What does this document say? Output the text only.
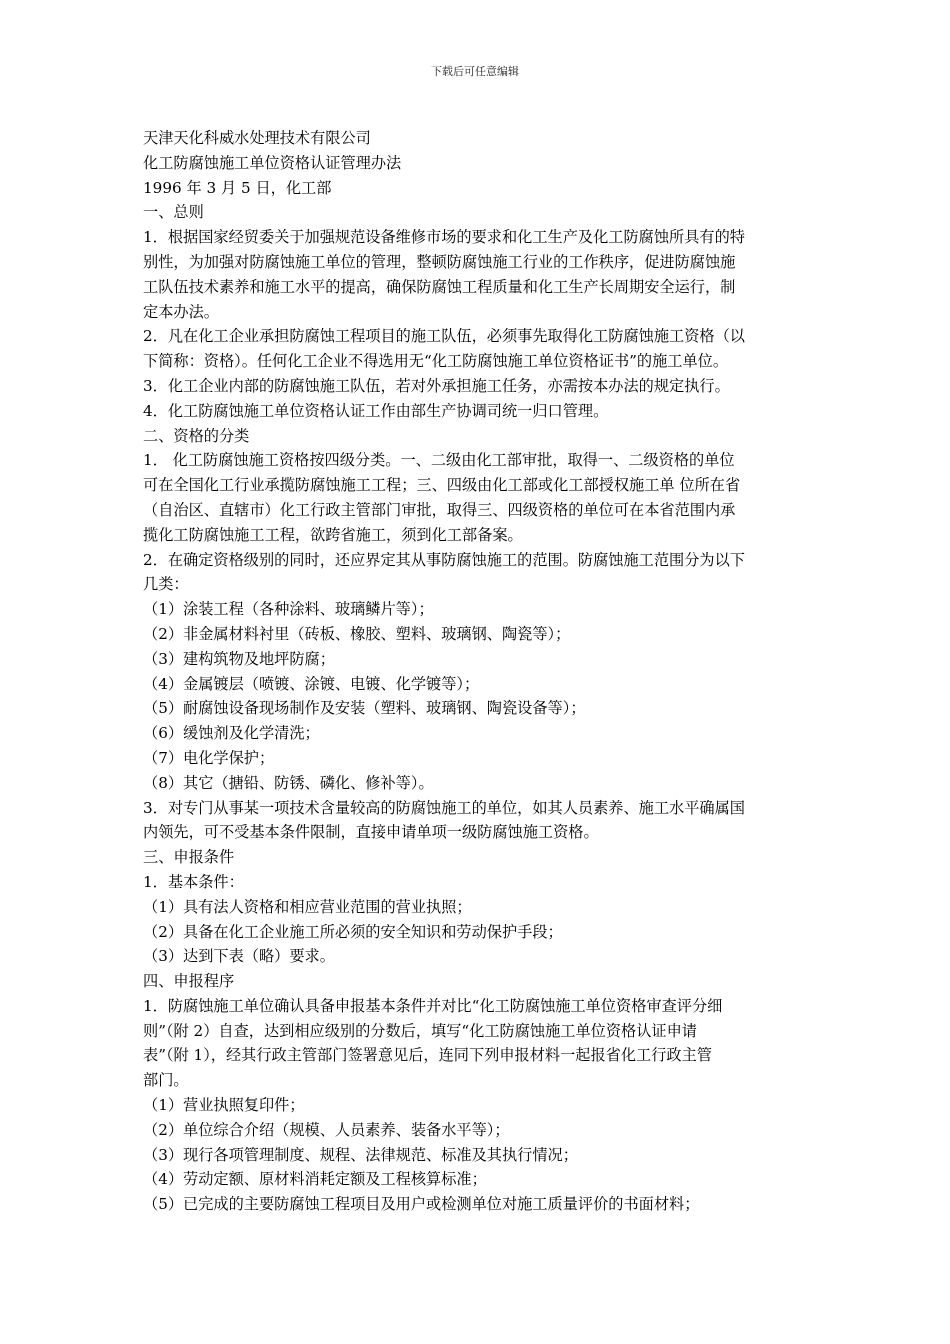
下载后可任意编辑

天津天化科威水处理技术有限公司

化工防腐蚀施工单位资格认证管理办法

1996 年 3 月 5 日，化工部

一、总则

1．根据国家经贸委关于加强规范设备维修市场的要求和化工生产及化工防腐蚀所具有的特

别性，为加强对防腐蚀施工单位的管理，整顿防腐蚀施工行业的工作秩序，促进防腐蚀施

工队伍技术素养和施工水平的提高，确保防腐蚀工程质量和化工生产长周期安全运行，制

定本办法。

2．凡在化工企业承担防腐蚀工程项目的施工队伍，必须事先取得化工防腐蚀施工资格（以

下简称：资格）。任何化工企业不得选用无“化工防腐蚀施工单位资格证书”的施工单位。

3．化工企业内部的防腐蚀施工队伍，若对外承担施工任务，亦需按本办法的规定执行。

4．化工防腐蚀施工单位资格认证工作由部生产协调司统一归口管理。

二、资格的分类

1． 化工防腐蚀施工资格按四级分类。一、二级由化工部审批，取得一、二级资格的单位

可在全国化工行业承揽防腐蚀施工工程；三、四级由化工部或化工部授权施工单 位所在省

（自治区、直辖市）化工行政主管部门审批，取得三、四级资格的单位可在本省范围内承

揽化工防腐蚀施工工程，欲跨省施工，须到化工部备案。

2．在确定资格级别的同时，还应界定其从事防腐蚀施工的范围。防腐蚀施工范围分为以下

几类：

（1）涂装工程（各种涂料、玻璃鳞片等）；

（2）非金属材料衬里（砖板、橡胶、塑料、玻璃钢、陶瓷等）；

（3）建构筑物及地坪防腐；

（4）金属镀层（喷镀、涂镀、电镀、化学镀等）；

（5）耐腐蚀设备现场制作及安装（塑料、玻璃钢、陶瓷设备等）；

（6）缓蚀剂及化学清洗；

（7）电化学保护；

（8）其它（搪铅、防锈、磷化、修补等）。

3．对专门从事某一项技术含量较高的防腐蚀施工的单位，如其人员素养、施工水平确属国

内领先，可不受基本条件限制，直接申请单项一级防腐蚀施工资格。

三、申报条件

1．基本条件：

（1）具有法人资格和相应营业范围的营业执照；

（2）具备在化工企业施工所必须的安全知识和劳动保护手段；

（3）达到下表（略）要求。

四、申报程序

1．防腐蚀施工单位确认具备申报基本条件并对比“化工防腐蚀施工单位资格审查评分细

则”（附 2）自查，达到相应级别的分数后，填写“化工防腐蚀施工单位资格认证申请

表”（附 1），经其行政主管部门签署意见后，连同下列申报材料一起报省化工行政主管

部门。

（1）营业执照复印件；

（2）单位综合介绍（规模、人员素养、装备水平等）；

（3）现行各项管理制度、规程、法律规范、标准及其执行情况；

（4）劳动定额、原材料消耗定额及工程核算标准；

（5）已完成的主要防腐蚀工程项目及用户或检测单位对施工质量评价的书面材料；
